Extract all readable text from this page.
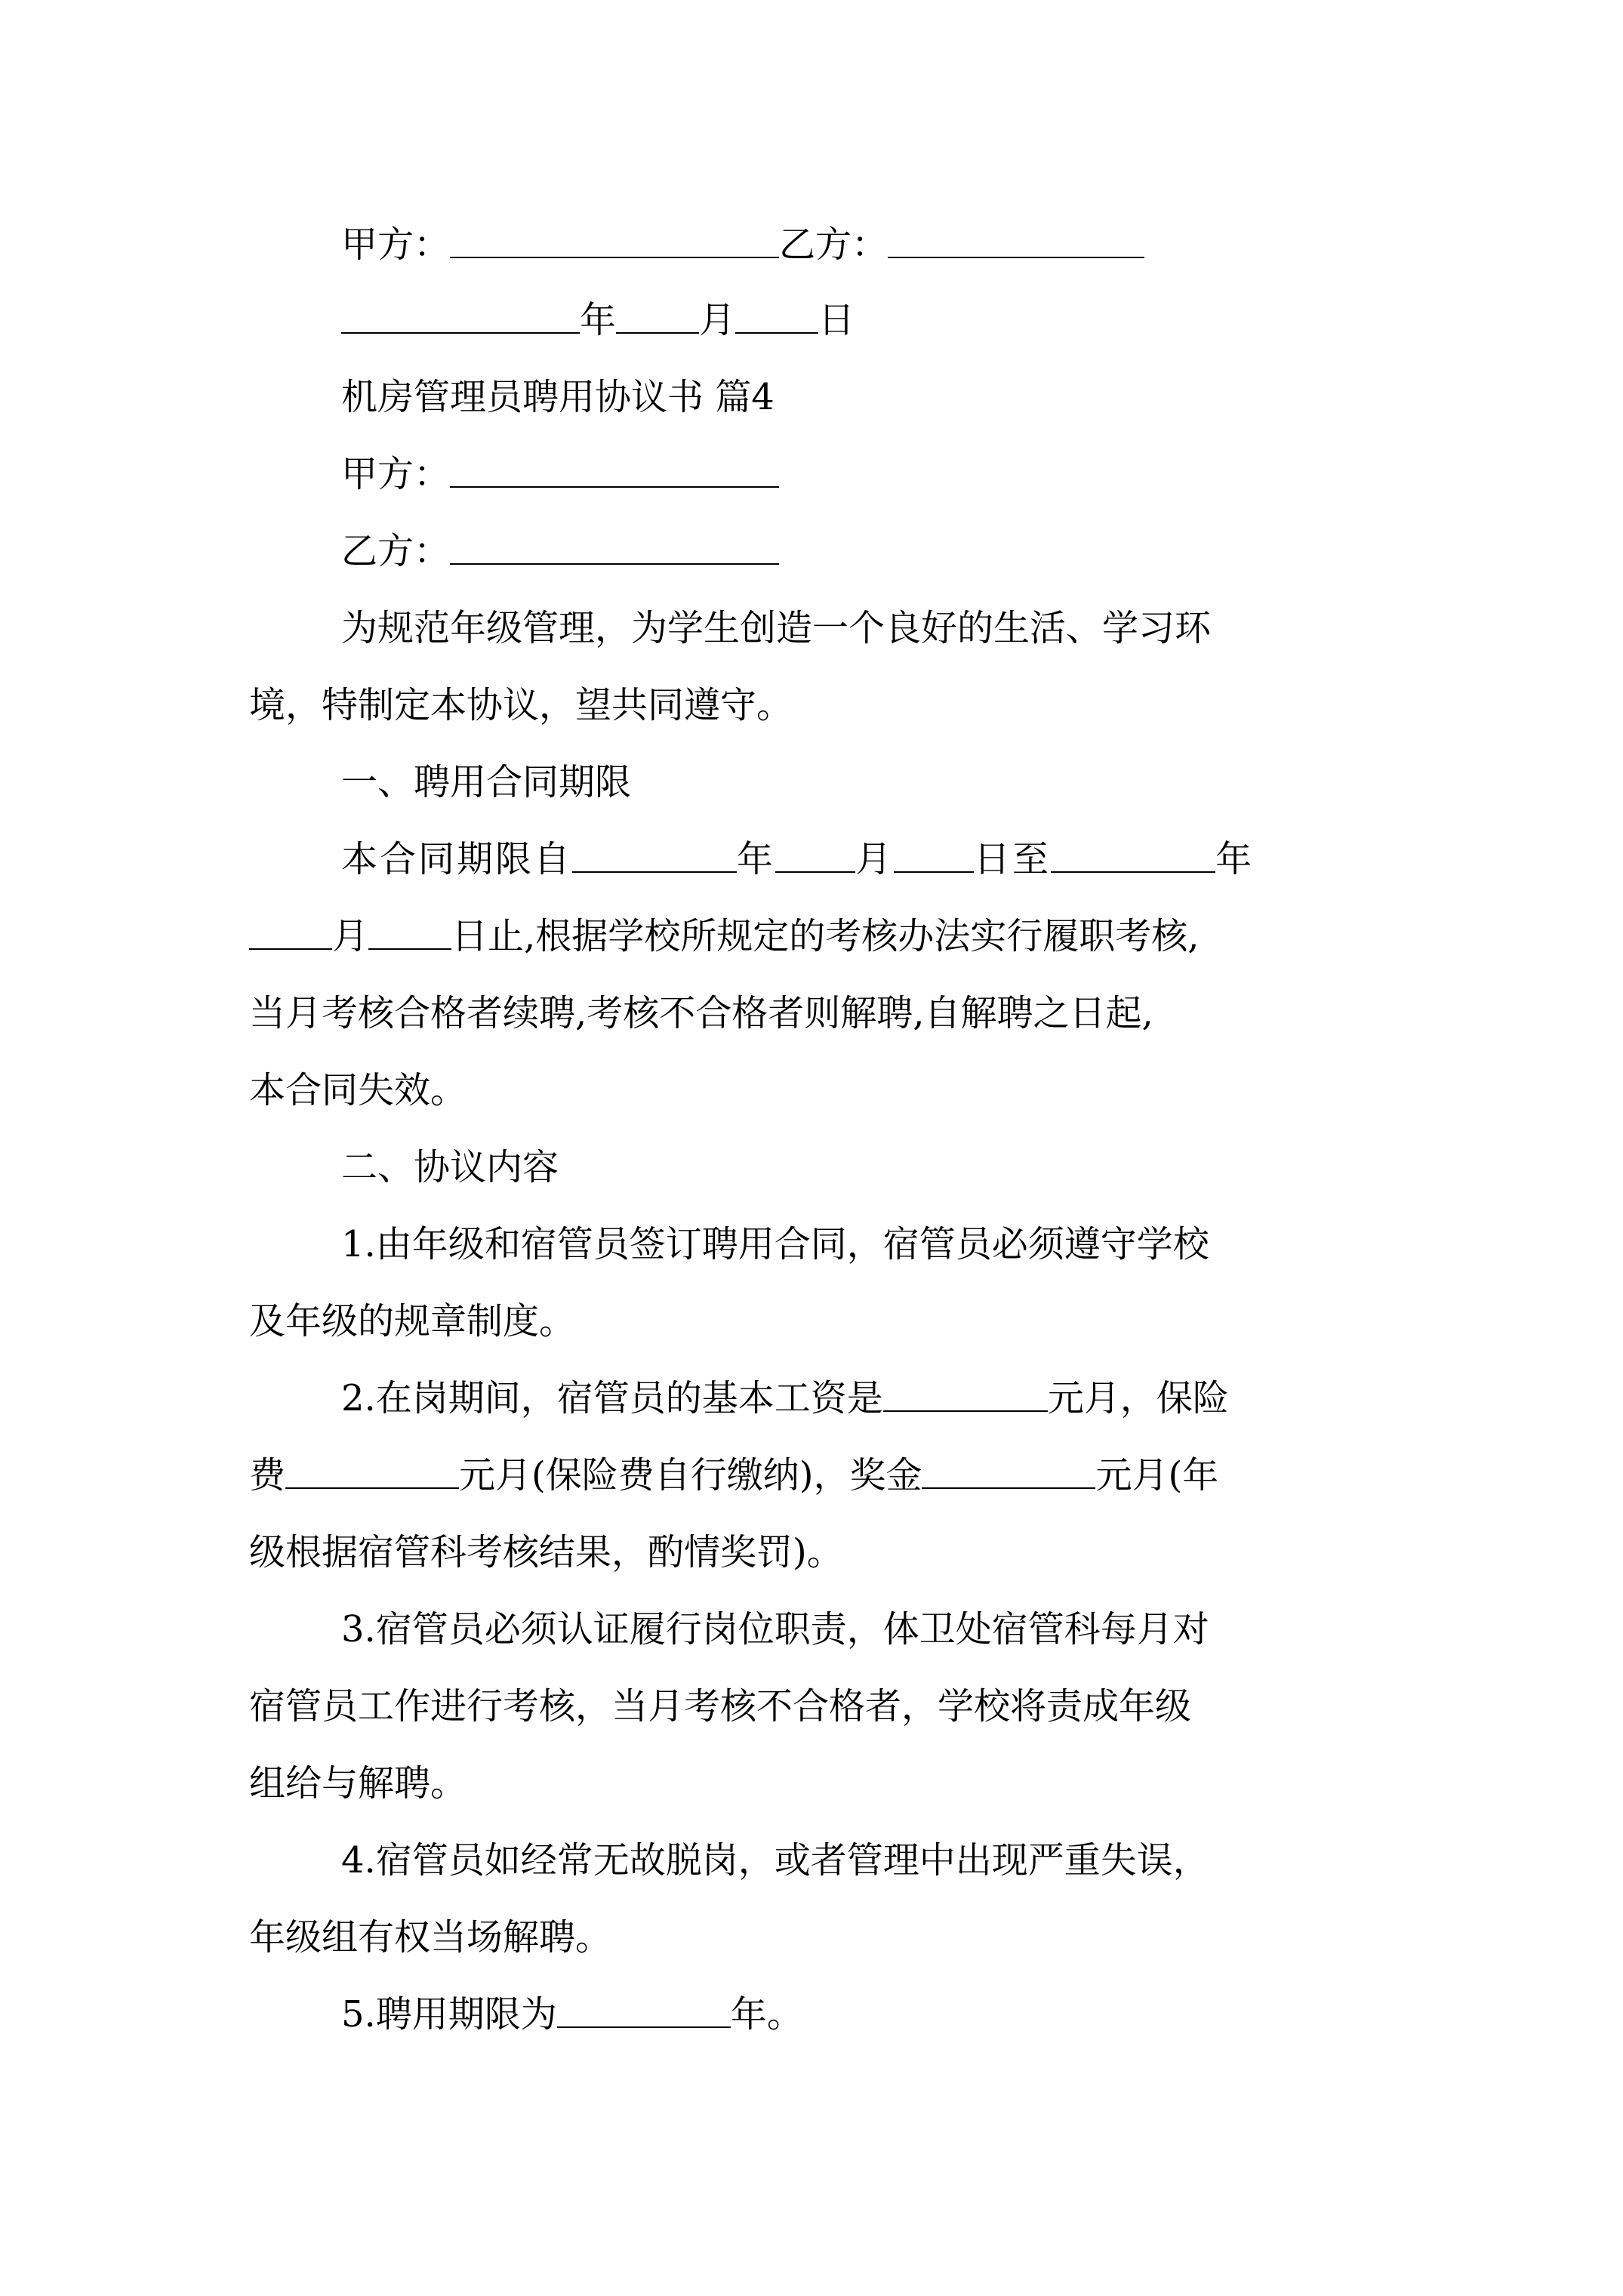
甲方：	乙方：
年 月 日
机房管理员聘用协议书 篇4
甲方：
乙方：
为规范年级管理，为学生创造一个良好的生活、学习环
境，特制定本协议，望共同遵守。
一、聘用合同期限
本合同期限自	年 月 日至	年
月 日止,根据学校所规定的考核办法实行履职考核,
当月考核合格者续聘,考核不合格者则解聘,自解聘之日起,
本合同失效。
二、协议内容
1.由年级和宿管员签订聘用合同，宿管员必须遵守学校
及年级的规章制度。
2.在岗期间，宿管员的基本工资是	元月，保险
费	元月(保险费自行缴纳)，奖金	元月(年
级根据宿管科考核结果，酌情奖罚)。
3.宿管员必须认证履行岗位职责，体卫处宿管科每月对
宿管员工作进行考核，当月考核不合格者，学校将责成年级
组给与解聘。
4.宿管员如经常无故脱岗，或者管理中出现严重失误，
年级组有权当场解聘。
5.聘用期限为	年。
